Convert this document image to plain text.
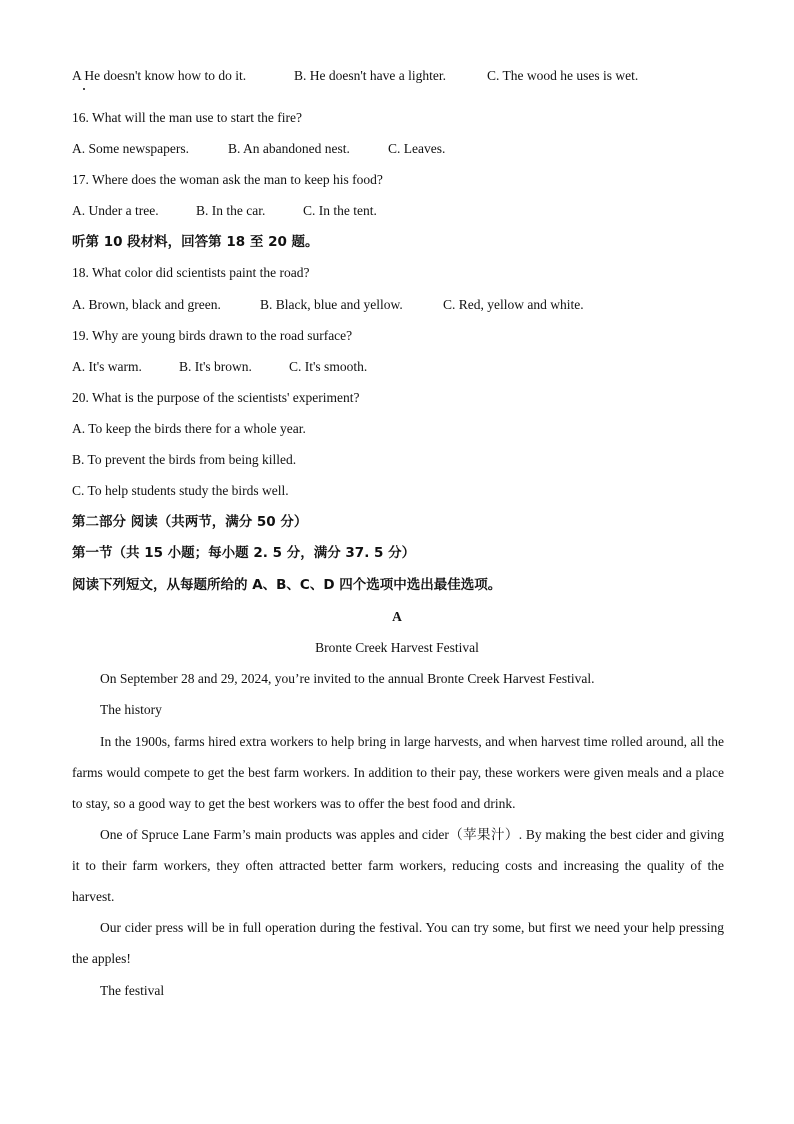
A He doesn't know how to do it.	B. He doesn't have a lighter.	C. The wood he uses is wet.
16. What will the man use to start the fire?
A. Some newspapers.	B. An abandoned nest.	C. Leaves.
17. Where does the woman ask the man to keep his food?
A. Under a tree.	B. In the car.	C. In the tent.
听第 10 段材料，回答第 18 至 20 题。
18. What color did scientists paint the road?
A. Brown, black and green.	B. Black, blue and yellow.	C. Red, yellow and white.
19. Why are young birds drawn to the road surface?
A. It's warm.	B. It's brown.	C. It's smooth.
20. What is the purpose of the scientists' experiment?
A. To keep the birds there for a whole year.
B. To prevent the birds from being killed.
C. To help students study the birds well.
第二部分 阅读（共两节，满分 50 分）
第一节（共 15 小题；每小题 2. 5 分，满分 37. 5 分）
阅读下列短文，从每题所给的 A、B、C、D 四个选项中选出最佳选项。
A
Bronte Creek Harvest Festival
On September 28 and 29, 2024, you’re invited to the annual Bronte Creek Harvest Festival.
The history
In the 1900s, farms hired extra workers to help bring in large harvests, and when harvest time rolled around, all the farms would compete to get the best farm workers. In addition to their pay, these workers were given meals and a place to stay, so a good way to get the best workers was to offer the best food and drink.
One of Spruce Lane Farm’s main products was apples and cider（苹果汁）. By making the best cider and giving it to their farm workers, they often attracted better farm workers, reducing costs and increasing the quality of the harvest.
Our cider press will be in full operation during the festival. You can try some, but first we need your help pressing the apples!
The festival
